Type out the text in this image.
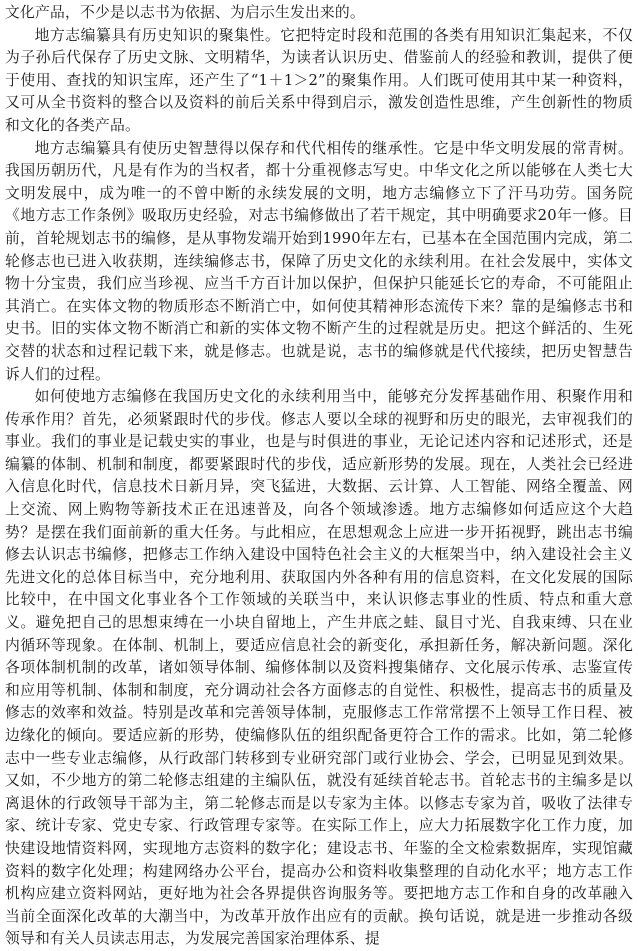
文化产品，不少是以志书为依据、为启示生发出来的。

地方志编纂具有历史知识的聚集性。它把特定时段和范围的各类有用知识汇集起来，不仅为子孙后代保存了历史文脉、文明精华，为读者认识历史、借鉴前人的经验和教训，提供了便于使用、查找的知识宝库，还产生了“1＋1＞2”的聚集作用。人们既可使用其中某一种资料，又可从全书资料的整合以及资料的前后关系中得到启示，激发创造性思维，产生创新性的物质和文化的各类产品。

地方志编纂具有使历史智慧得以保存和代代相传的继承性。它是中华文明发展的常青树。我国历朝历代，凡是有作为的当权者，都十分重视修志写史。中华文化之所以能够在人类七大文明发展中，成为唯一的不曾中断的永续发展的文明，地方志编修立下了汗马功劳。国务院《地方志工作条例》吸取历史经验，对志书编修做出了若干规定，其中明确要求20年一修。目前，首轮规划志书的编修，是从事物发端开始到1990年左右，已基本在全国范围内完成，第二轮修志也已进入收获期，连续编修志书，保障了历史文化的永续利用。在社会发展中，实体文物十分宝贵，我们应当珍视、应当千方百计加以保护，但保护只能延长它的寿命，不可能阻止其消亡。在实体文物的物质形态不断消亡中，如何使其精神形态流传下来？靠的是编修志书和史书。旧的实体文物不断消亡和新的实体文物不断产生的过程就是历史。把这个鲜活的、生死交替的状态和过程记载下来，就是修志。也就是说，志书的编修就是代代接续，把历史智慧告诉人们的过程。

如何使地方志编修在我国历史文化的永续利用当中，能够充分发挥基础作用、积聚作用和传承作用？首先，必须紧跟时代的步伐。修志人要以全球的视野和历史的眼光，去审视我们的事业。我们的事业是记载史实的事业，也是与时俱进的事业，无论记述内容和记述形式，还是编纂的体制、机制和制度，都要紧跟时代的步伐，适应新形势的发展。现在，人类社会已经进入信息化时代，信息技术日新月异，突飞猛进，大数据、云计算、人工智能、网络全覆盖、网上交流、网上购物等新技术正在迅速普及，向各个领域渗透。地方志编修如何适应这个大趋势？是摆在我们面前新的重大任务。与此相应，在思想观念上应进一步开拓视野，跳出志书编修去认识志书编修，把修志工作纳入建设中国特色社会主义的大框架当中，纳入建设社会主义先进文化的总体目标当中，充分地利用、获取国内外各种有用的信息资料，在文化发展的国际比较中，在中国文化事业各个工作领域的关联当中，来认识修志事业的性质、特点和重大意义。避免把自己的思想束缚在一小块自留地上，产生井底之蛙、鼠目寸光、自我束缚、只在业内循环等现象。在体制、机制上，要适应信息社会的新变化，承担新任务，解决新问题。深化各项体制机制的改革，诸如领导体制、编修体制以及资料搜集储存、文化展示传承、志鉴宣传和应用等机制、体制和制度，充分调动社会各方面修志的自觉性、积极性，提高志书的质量及修志的效率和效益。特别是改革和完善领导体制，克服修志工作常常摆不上领导工作日程、被边缘化的倾向。要适应新的形势，使编修队伍的组织配备更符合工作的需求。比如，第二轮修志中一些专业志编修，从行政部门转移到专业研究部门或行业协会、学会，已明显见到效果。又如，不少地方的第二轮修志组建的主编队伍，就没有延续首轮志书。首轮志书的主编多是以离退休的行政领导干部为主，第二轮修志而是以专家为主体。以修志专家为首，吸收了法律专家、统计专家、党史专家、行政管理专家等。在实际工作上，应大力拓展数字化工作力度，加快建设地情资料网，实现地方志资料的数字化；建设志书、年鉴的全文检索数据库，实现馆藏资料的数字化处理；构建网络办公平台，提高办公和资料收集整理的自动化水平；地方志工作机构应建立资料网站，更好地为社会各界提供咨询服务等。要把地方志工作和自身的改革融入当前全面深化改革的大潮当中，为改革开放作出应有的贡献。换句话说，就是进一步推动各级领导和有关人员读志用志，为发展完善国家治理体系、提
